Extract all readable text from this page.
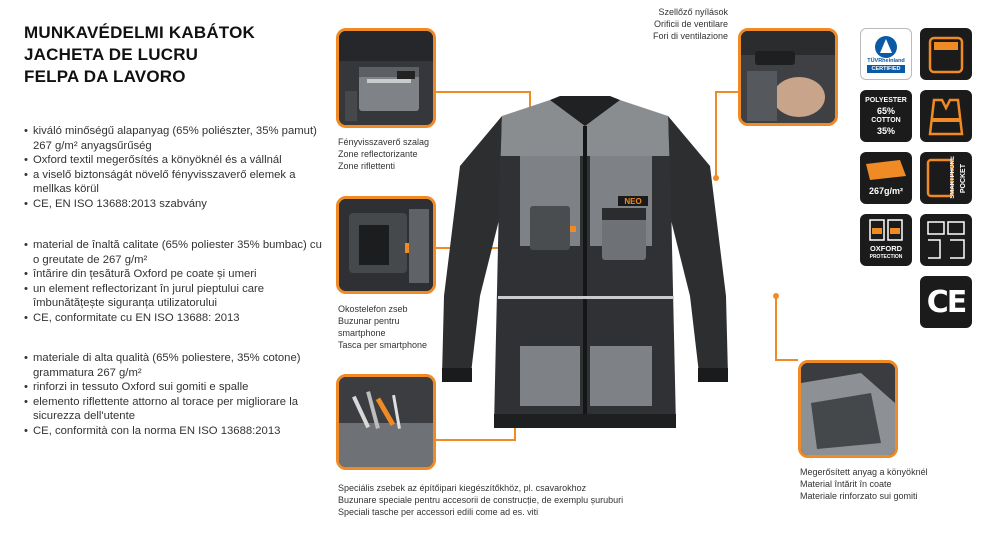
MUNKAVÉDELMI KABÁTOK
JACHETA DE LUCRU
FELPA DA LAVORO
• kiváló minőségű alapanyag (65% poliészter, 35% pamut) 267 g/m² anyagsűrűség
• Oxford textil megerősítés a könyöknél és a vállnál
• a viselő biztonságát növelő fényvisszaverő elemek a mellkas körül
• CE, EN ISO 13688:2013 szabvány
• material de înaltă calitate (65% poliester 35% bumbac) cu o greutate de 267 g/m²
• întărire din țesătură Oxford pe coate și umeri
• un element reflectorizant în jurul pieptului care îmbunătățește siguranța utilizatorului
• CE, conformitate cu EN ISO 13688: 2013
• materiale di alta qualità (65% poliestere, 35% cotone) grammatura 267 g/m²
• rinforzi in tessuto Oxford sui gomiti e spalle
• elemento riflettente attorno al torace per migliorare la sicurezza dell'utente
• CE, conformità con la norma EN ISO 13688:2013
Fényvisszaverő szalag
Zone reflectorizante
Zone riflettenti
Okostelefon zseb
Buzunar pentru
smartphone
Tasca per smartphone
Speciális zsebek az építőipari kiegészítőkhöz, pl. csavarokhoz
Buzunare speciale pentru accesorii de construcție, de exemplu șuruburi
Speciali tasche per accessori edili come ad es. viti
Szellőző nyílások
Orificii de ventilare
Fori di ventilazione
Megerősített anyag a könyöknél
Material întărit în coate
Materiale rinforzato sui gomiti
NEO
TÜVRheinland
CERTIFIED
POLYESTER
65%
COTTON
35%
267g/m²	SMARTPHONE POCKET
OXFORD
PROTECTION
CE
